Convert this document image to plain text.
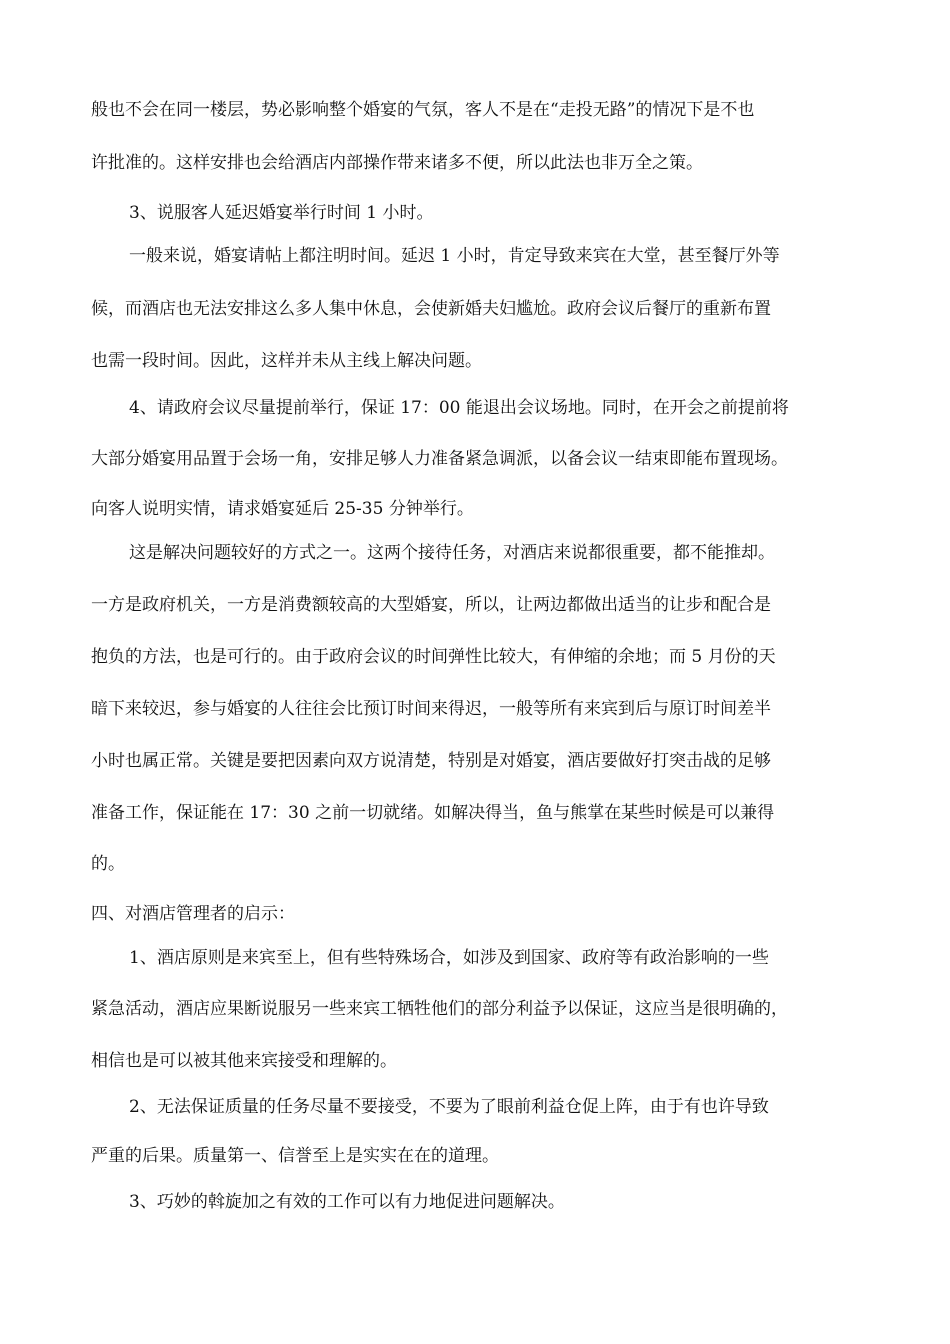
般也不会在同一楼层，势必影响整个婚宴的气氛，客人不是在“走投无路”的情况下是不也
许批准的。这样安排也会给酒店内部操作带来诸多不便，所以此法也非万全之策。
3、说服客人延迟婚宴举行时间 1 小时。
一般来说，婚宴请帖上都注明时间。延迟 1 小时，肯定导致来宾在大堂，甚至餐厅外等
候，而酒店也无法安排这么多人集中休息，会使新婚夫妇尴尬。政府会议后餐厅的重新布置
也需一段时间。因此，这样并未从主线上解决问题。
4、请政府会议尽量提前举行，保证 17：00 能退出会议场地。同时，在开会之前提前将
大部分婚宴用品置于会场一角，安排足够人力准备紧急调派，以备会议一结束即能布置现场。
向客人说明实情，请求婚宴延后 25-35 分钟举行。
这是解决问题较好的方式之一。这两个接待任务，对酒店来说都很重要，都不能推却。
一方是政府机关，一方是消费额较高的大型婚宴，所以，让两边都做出适当的让步和配合是
抱负的方法，也是可行的。由于政府会议的时间弹性比较大，有伸缩的余地；而 5 月份的天
暗下来较迟，参与婚宴的人往往会比预订时间来得迟，一般等所有来宾到后与原订时间差半
小时也属正常。关键是要把因素向双方说清楚，特别是对婚宴，酒店要做好打突击战的足够
准备工作，保证能在 17：30 之前一切就绪。如解决得当，鱼与熊掌在某些时候是可以兼得
的。
四、对酒店管理者的启示：
1、酒店原则是来宾至上，但有些特殊场合，如涉及到国家、政府等有政治影响的一些
紧急活动，酒店应果断说服另一些来宾工牺牲他们的部分利益予以保证，这应当是很明确的，
相信也是可以被其他来宾接受和理解的。
2、无法保证质量的任务尽量不要接受，不要为了眼前利益仓促上阵，由于有也许导致
严重的后果。质量第一、信誉至上是实实在在的道理。
3、巧妙的斡旋加之有效的工作可以有力地促进问题解决。
